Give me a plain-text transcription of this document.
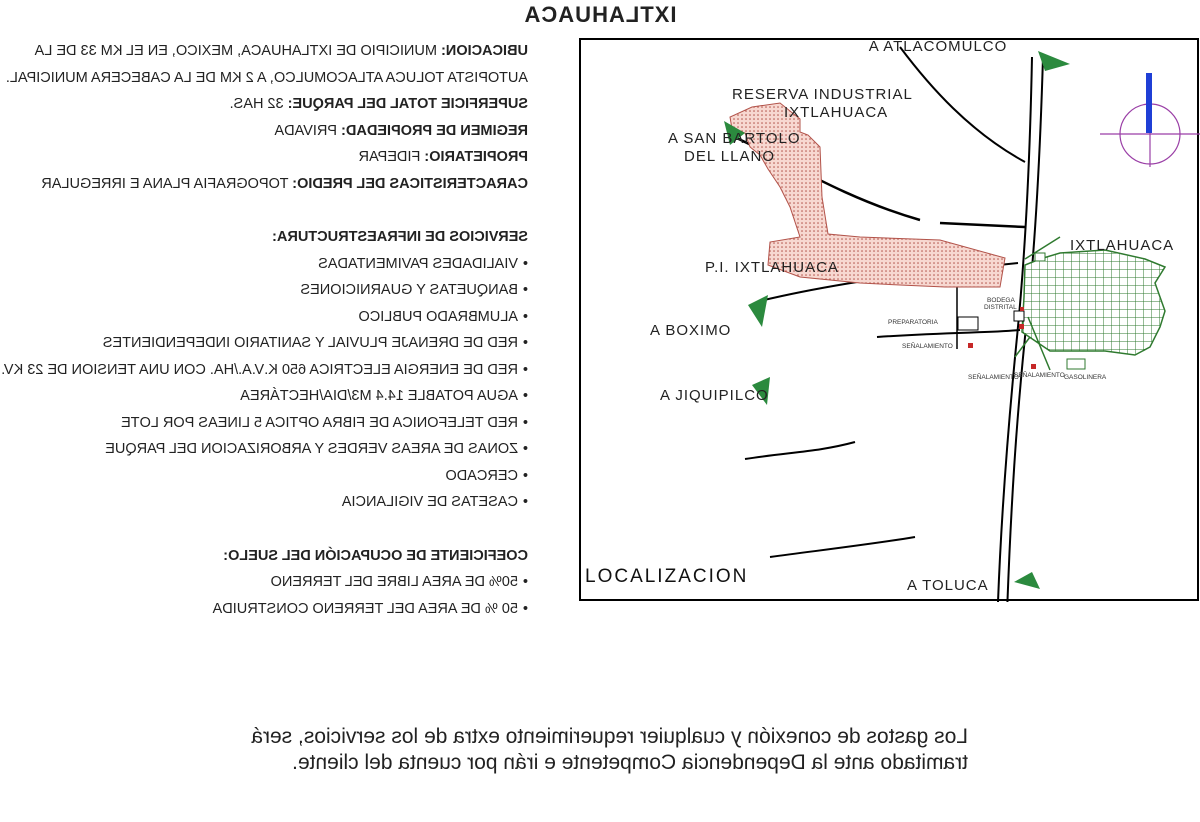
IXTLAHUACA
UBICACION: MUNICIPIO DE IXTLAHUACA, MEXICO, EN EL KM 33 DE LA AUTOPISTA TOLUCA ATLACOMULCO, A 2 KM DE LA CABECERA MUNICIPAL.
SUPERFICIE TOTAL DEL PARQUE: 32 HAS.
REGIMEN DE PROPIEDAD: PRIVADA
PROPIETARIO: FIDEPAR
CARACTERISTICAS DEL PREDIO: TOPOGRAFIA PLANA E IRREGULAR
SERVICIOS DE INFRAESTRUCTURA:
•VIALIDADES PAVIMENTADAS
•BANQUETAS Y GUARNICIONES
•ALUMBRADO PUBLICO
•RED DE DRENAJE PLUVIAL Y SANITARIO INDEPENDIENTES
•RED DE ENERGIA ELECTRICA 650 K.V.A./HA. CON UNA TENSION DE 23 KV.
•AGUA POTABLE 14.4 M3/DIA/HECTÁREA
•RED TELEFONICA DE FIBRA OPTICA 5 LINEAS POR LOTE
•ZONAS DE AREAS VERDES Y ARBORIZACION DEL PARQUE
•CERCADO
•CASETAS DE VIGILANCIA
COEFICIENTE DE OCUPACIÓN DEL SUELO:
•50% DE AREA LIBRE DEL TERRENO
•50 % DE AREA DEL TERRENO CONSTRUIDA
Los gastos de conexión y cualquier requerimiento extra de los servicios, será tramitado ante la Dependencia Competente e irán por cuenta del cliente.
A ATLACOMULCO
RESERVA INDUSTRIAL
IXTLAHUACA
A SAN BARTOLO
DEL LLANO
IXTLAHUACA
P.I. IXTLAHUACA
A BOXIMO
A JIQUIPILCO
A TOLUCA
LOCALIZACION
BODEGA
DISTRITAL
PREPARATORIA
SEÑALAMIENTO
SEÑALAMIENTO
SEÑALAMIENTO GASOLINERA
